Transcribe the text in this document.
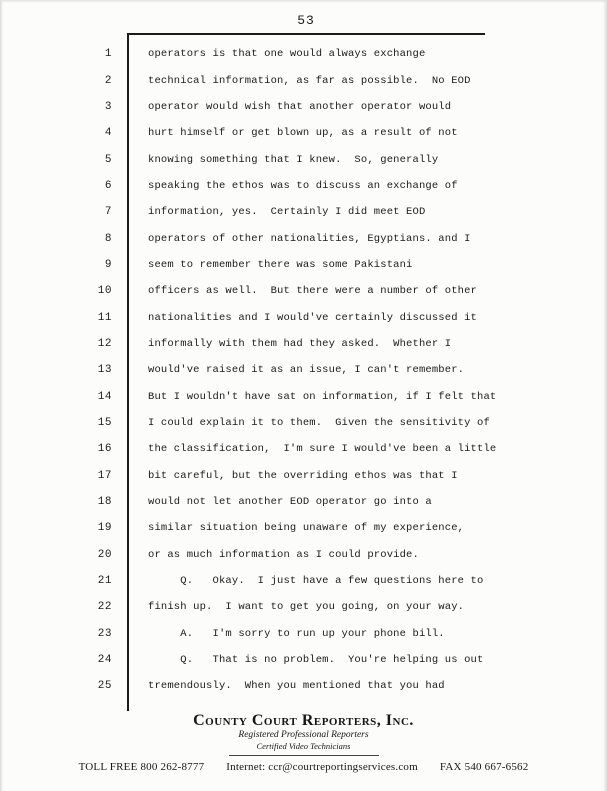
53
1	operators is that one would always exchange
2	technical information, as far as possible.  No EOD
3	operator would wish that another operator would
4	hurt himself or get blown up, as a result of not
5	knowing something that I knew.  So, generally
6	speaking the ethos was to discuss an exchange of
7	information, yes.  Certainly I did meet EOD
8	operators of other nationalities, Egyptians. and I
9	seem to remember there was some Pakistani
10	officers as well.  But there were a number of other
11	nationalities and I would've certainly discussed it
12	informally with them had they asked.  Whether I
13	would've raised it as an issue, I can't remember.
14	But I wouldn't have sat on information, if I felt that
15	I could explain it to them.  Given the sensitivity of
16	the classification,  I'm sure I would've been a little
17	bit careful, but the overriding ethos was that I
18	would not let another EOD operator go into a
19	similar situation being unaware of my experience,
20	or as much information as I could provide.
21	Q.   Okay.  I just have a few questions here to
22	finish up.  I want to get you going, on your way.
23	A.   I'm sorry to run up your phone bill.
24	Q.   That is no problem.  You're helping us out
25	tremendously.  When you mentioned that you had
County Court Reporters, Inc.
Registered Professional Reporters
Certified Video Technicians
TOLL FREE 800 262-8777 Internet: ccr@courtreportingservices.com FAX 540 667-6562
